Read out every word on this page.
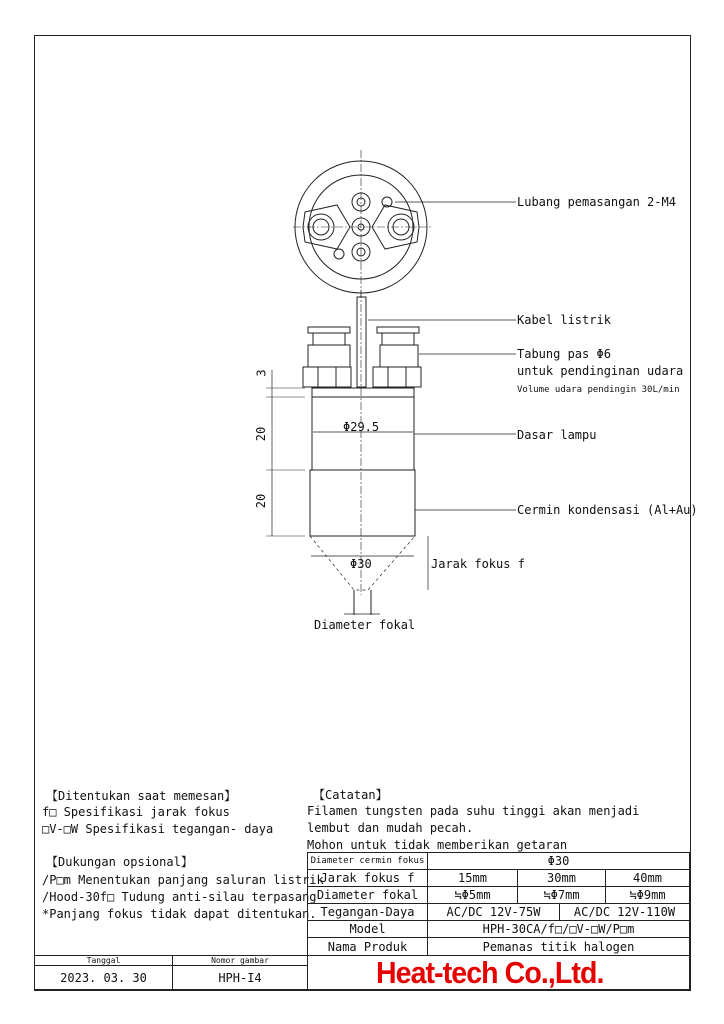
Lubang pemasangan 2-M4
Kabel listrik
Tabung pas Φ6
untuk pendinginan udara
Volume udara pendingin 30L/min
Dasar lampu
Cermin kondensasi (Al+Au)
Jarak fokus f
Diameter fokal
Φ29.5
Φ30
3
20
20
【Ditentukan saat memesan】
f□ Spesifikasi jarak fokus
□V-□W Spesifikasi tegangan- daya
【Dukungan opsional】
/P□m Menentukan panjang saluran listrik
/Hood-30f□ Tudung anti-silau terpasang
*Panjang fokus tidak dapat ditentukan.
【Catatan】
Filamen tungsten pada suhu tinggi akan menjadi
lembut dan mudah pecah.
Mohon untuk tidak memberikan getaran
Diameter cermin fokus	Φ30
Jarak fokus f	15mm	30mm	40mm
Diameter fokal	≒Φ5mm	≒Φ7mm	≒Φ9mm
Tegangan-Daya	AC/DC 12V-75W	AC/DC 12V-110W
Model	HPH-30CA/f□/□V-□W/P□m
Nama Produk	Pemanas titik halogen
Tanggal	Nomor gambar
2023. 03. 30	HPH-I4	Heat-tech Co.,Ltd.
